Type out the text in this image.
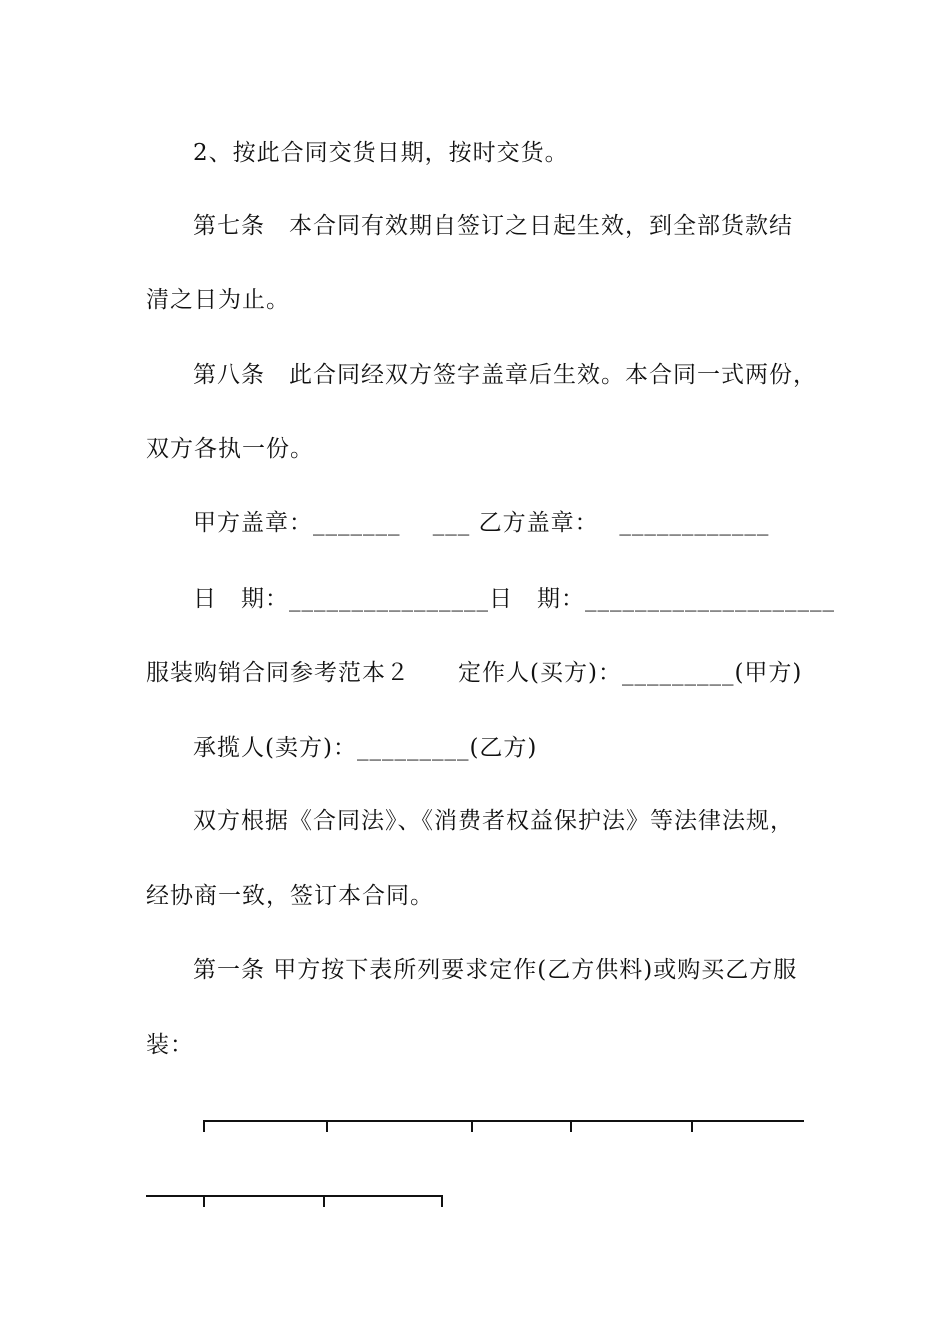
2、按此合同交货日期，按时交货。
第七条　本合同有效期自签订之日起生效，到全部货款结
清之日为止。
第八条　此合同经双方签字盖章后生效。本合同一式两份，
双方各执一份。
甲方盖章：_______　 ___ 乙方盖章：　 ____________
日　期：________________日　期：____________________
服装购销合同参考范本２　　定作人(买方)：_________(甲方)
承揽人(卖方)：_________(乙方)
双方根据《合同法》、《消费者权益保护法》等法律法规，
经协商一致，签订本合同。
第一条 甲方按下表所列要求定作(乙方供料)或购买乙方服
装：
